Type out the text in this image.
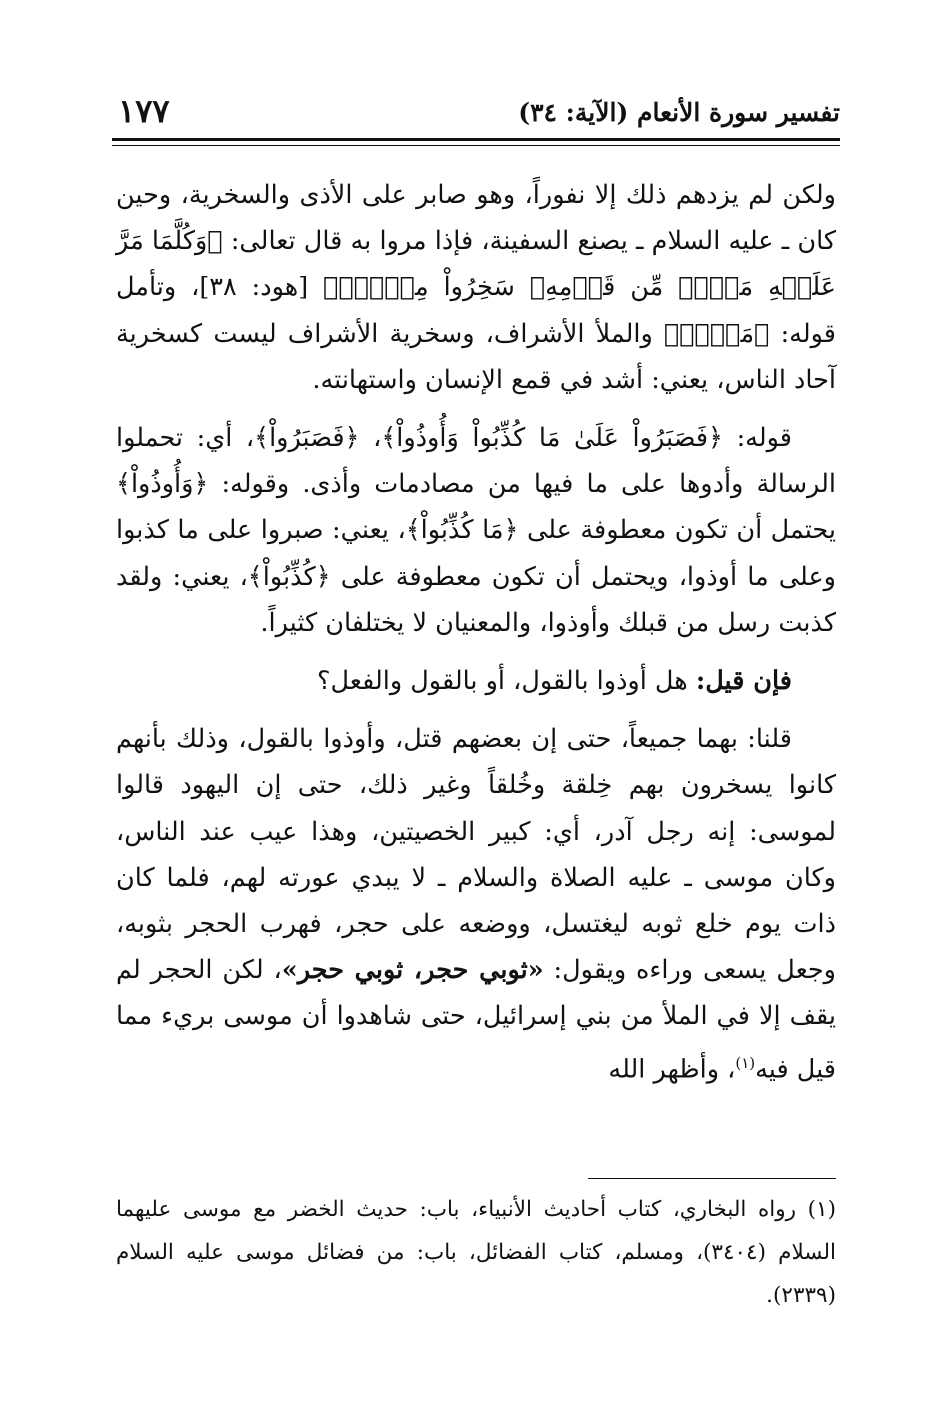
تفسير سورة الأنعام (الآية: ٣٤)
١٧٧

ولكن لم يزدهم ذلك إلا نفوراً، وهو صابر على الأذى والسخرية، وحين كان ـ عليه السلام ـ يصنع السفينة، فإذا مروا به قال تعالى: ﴿وَكُلَّمَا مَرَّ عَلَيۡهِ مَلَأٞ مِّن قَوۡمِهِۦ سَخِرُواْ مِنۡهُۚ﴾ [هود: ٣٨]، وتأمل قوله: ﴿مَلَأٞ﴾ والملأ الأشراف، وسخرية الأشراف ليست كسخرية آحاد الناس، يعني: أشد في قمع الإنسان واستهانته.

قوله: ﴿فَصَبَرُواْ عَلَىٰ مَا كُذِّبُواْ وَأُوذُواْ﴾، ﴿فَصَبَرُواْ﴾، أي: تحملوا الرسالة وأدوها على ما فيها من مصادمات وأذى. وقوله: ﴿وَأُوذُواْ﴾ يحتمل أن تكون معطوفة على ﴿مَا كُذِّبُواْ﴾، يعني: صبروا على ما كذبوا وعلى ما أوذوا، ويحتمل أن تكون معطوفة على ﴿كُذِّبُواْ﴾، يعني: ولقد كذبت رسل من قبلك وأوذوا، والمعنيان لا يختلفان كثيراً.

فإن قيل: هل أوذوا بالقول، أو بالقول والفعل؟

قلنا: بهما جميعاً، حتى إن بعضهم قتل، وأوذوا بالقول، وذلك بأنهم كانوا يسخرون بهم خِلقة وخُلقاً وغير ذلك، حتى إن اليهود قالوا لموسى: إنه رجل آدر، أي: كبير الخصيتين، وهذا عيب عند الناس، وكان موسى ـ عليه الصلاة والسلام ـ لا يبدي عورته لهم، فلما كان ذات يوم خلع ثوبه ليغتسل، ووضعه على حجر، فهرب الحجر بثوبه، وجعل يسعى وراءه ويقول: «ثوبي حجر، ثوبي حجر»، لكن الحجر لم يقف إلا في الملأ من بني إسرائيل، حتى شاهدوا أن موسى بريء مما قيل فيه$^{(١)}$، وأظهر الله

(١) رواه البخاري، كتاب أحاديث الأنبياء، باب: حديث الخضر مع موسى عليهما السلام (٣٤٠٤)، ومسلم، كتاب الفضائل، باب: من فضائل موسى عليه السلام (٢٣٣٩).
